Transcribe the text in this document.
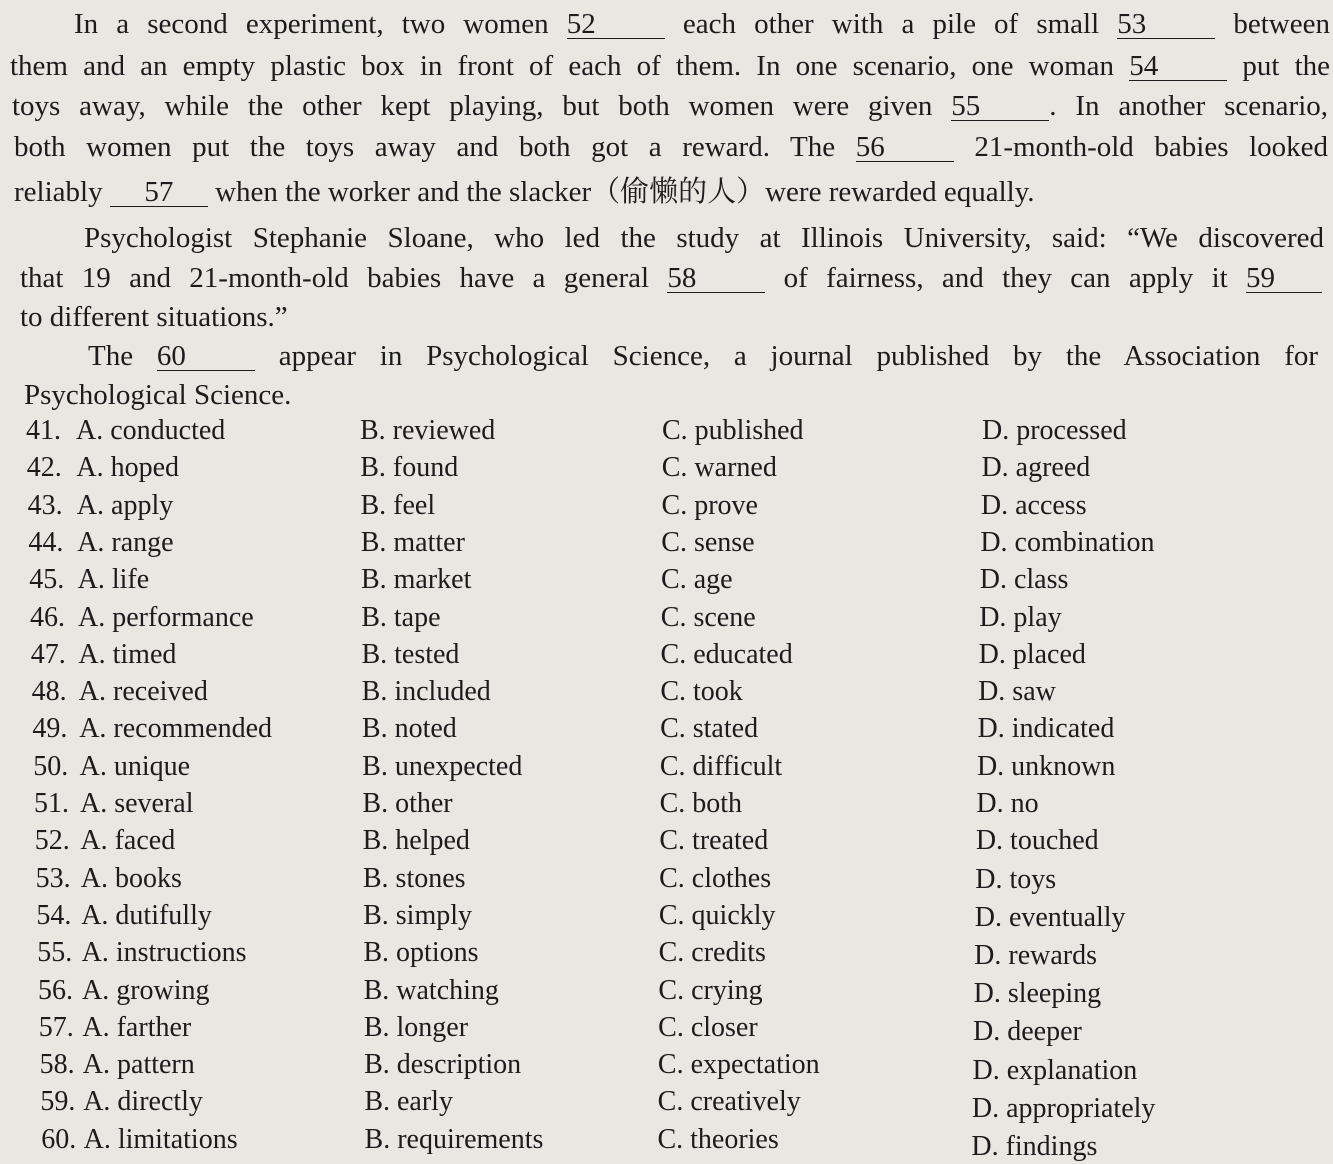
In a second experiment, two women 52	each other with a pile of small 53	between
them and an empty plastic box in front of each of them. In one scenario, one woman 54	put the
toys away, while the other kept playing, but both women were given 55 . In another scenario,
both women put the toys away and both got a reward. The 56	21-month-old babies looked
reliably 57 when the worker and the slacker（偷懒的人）were rewarded equally.
Psychologist Stephanie Sloane, who led the study at Illinois University, said: “We discovered
that 19 and 21-month-old babies have a general 58	of fairness, and they can apply it 59
to different situations.”
The 60	appear in Psychological Science, a journal published by the Association for
Psychological Science.
41. A. conducted	B. reviewed	C. published	D. processed
42. A. hoped	B. found	C. warned	D. agreed
43. A. apply	B. feel	C. prove	D. access
44. A. range	B. matter	C. sense	D. combination
45. A. life	B. market	C. age	D. class
46. A. performance	B. tape	C. scene	D. play
47. A. timed	B. tested	C. educated	D. placed
48. A. received	B. included	C. took	D. saw
49. A. recommended	B. noted	C. stated	D. indicated
50. A. unique	B. unexpected	C. difficult	D. unknown
51. A. several	B. other	C. both	D. no
52. A. faced	B. helped	C. treated	D. touched
53. A. books	B. stones	C. clothes	D. toys
54. A. dutifully	B. simply	C. quickly	D. eventually
55. A. instructions	B. options	C. credits	D. rewards
56. A. growing	B. watching	C. crying	D. sleeping
57. A. farther	B. longer	C. closer	D. deeper
58. A. pattern	B. description	C. expectation	D. explanation
59. A. directly	B. early	C. creatively	D. appropriately
60. A. limitations	B. requirements	C. theories	D. findings
